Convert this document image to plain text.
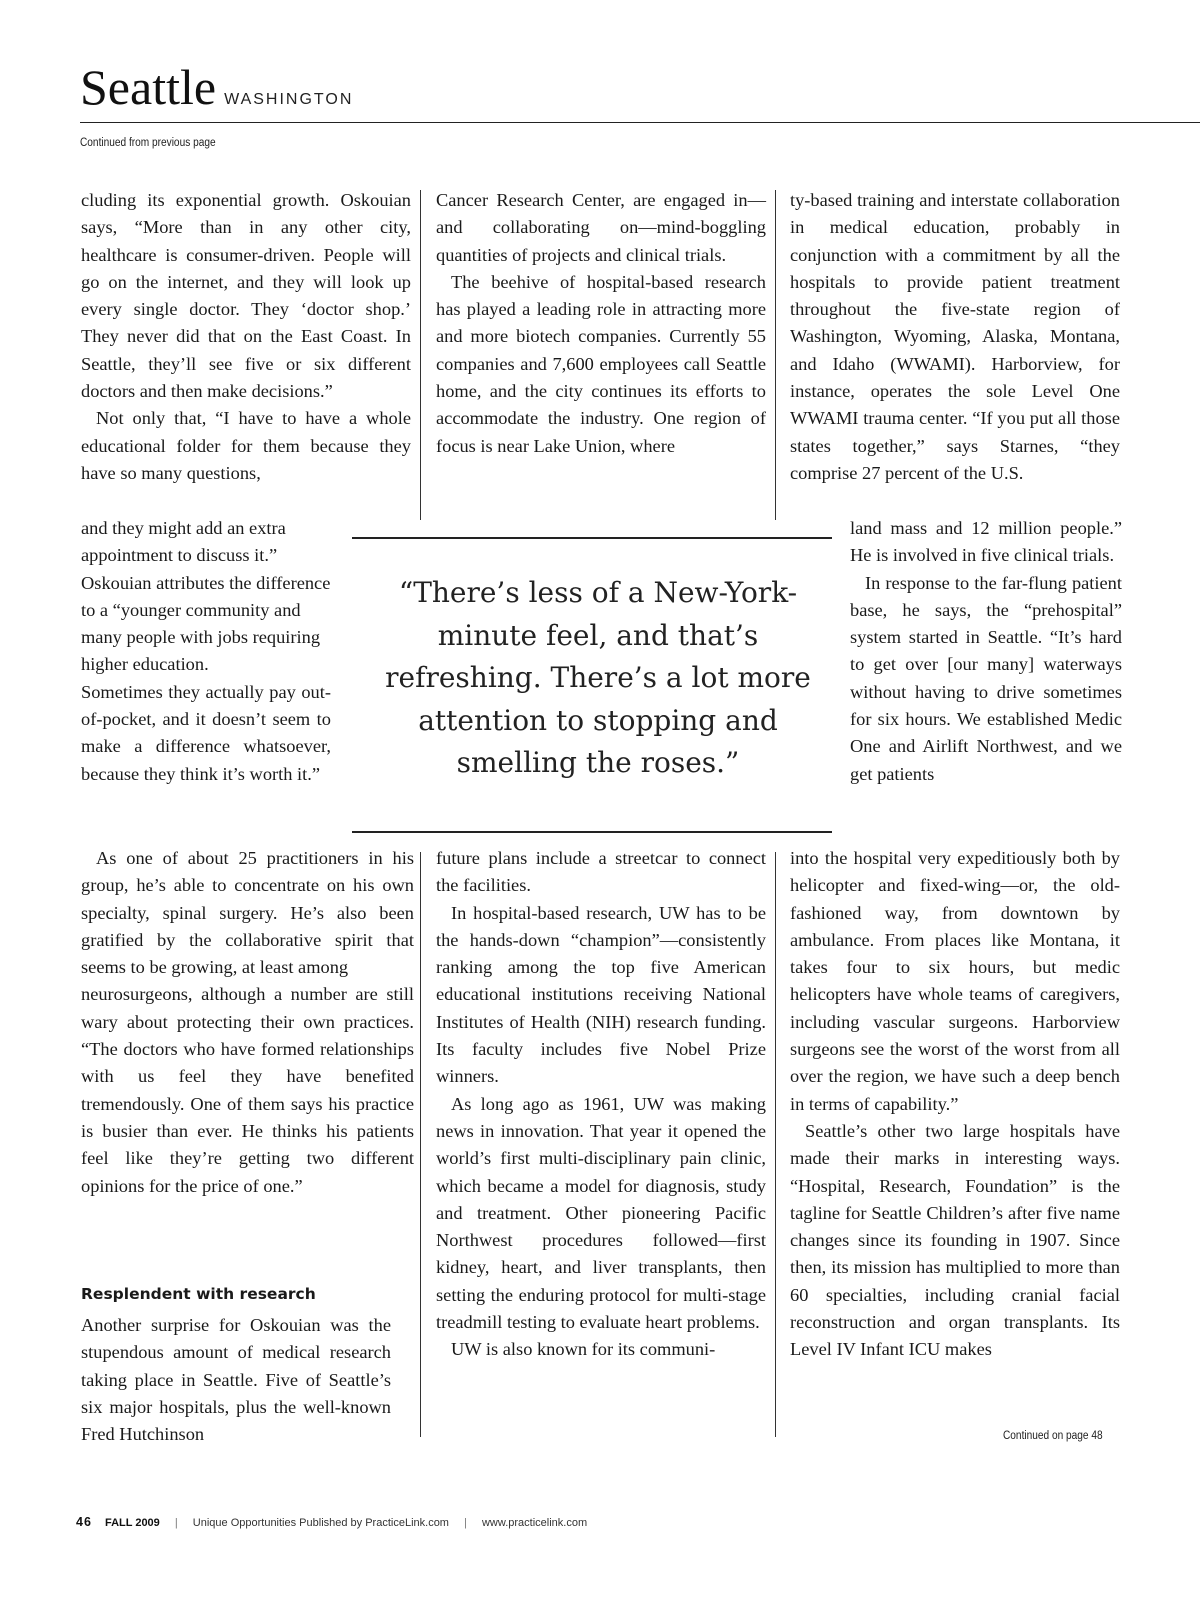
Seattle WASHINGTON
Continued from previous page

cluding its exponential growth. Oskouian says, “More than in any other city, healthcare is consumer-driven. People will go on the internet, and they will look up every single doctor. They ‘doctor shop.’ They never did that on the East Coast. In Seattle, they’ll see five or six different doctors and then make decisions.”

Not only that, “I have to have a whole educational folder for them because they have so many questions,

and they might add an extra appointment to discuss it.” Oskouian attributes the difference to a “younger community and many people with jobs requiring higher education.

Sometimes they actually pay out-of-pocket, and it doesn’t seem to make a difference whatsoever, because they think it’s worth it.”

As one of about 25 practitioners in his group, he’s able to concentrate on his own specialty, spinal surgery. He’s also been gratified by the collaborative spirit that seems to be growing, at least among

neurosurgeons, although a number are still wary about protecting their own practices. “The doctors who have formed relationships with us feel they have benefited tremendously. One of them says his practice is busier than ever. He thinks his patients feel like they’re getting two different opinions for the price of one.”

Resplendent with research

Another surprise for Oskouian was the stupendous amount of medical research taking place in Seattle. Five of Seattle’s six major hospitals, plus the well-known Fred Hutchinson

Cancer Research Center, are engaged in—and collaborating on—mind-boggling quantities of projects and clinical trials.

The beehive of hospital-based research has played a leading role in attracting more and more biotech companies. Currently 55 companies and 7,600 employees call Seattle home, and the city continues its efforts to accommodate the industry. One region of focus is near Lake Union, where

future plans include a streetcar to connect the facilities.

In hospital-based research, UW has to be the hands-down “champion”—consistently ranking among the top five American educational institutions receiving National Institutes of Health (NIH) research funding. Its faculty includes five Nobel Prize winners.

As long ago as 1961, UW was making news in innovation. That year it opened the world’s first multi-disciplinary pain clinic, which became a model for diagnosis, study and treatment. Other pioneering Pacific Northwest procedures followed—first kidney, heart, and liver transplants, then setting the enduring protocol for multi-stage treadmill testing to evaluate heart problems.

UW is also known for its communi-

ty-based training and interstate collaboration in medical education, probably in conjunction with a commitment by all the hospitals to provide patient treatment throughout the five-state region of Washington, Wyoming, Alaska, Montana, and Idaho (WWAMI). Harborview, for instance, operates the sole Level One WWAMI trauma center. “If you put all those states together,” says Starnes, “they comprise 27 percent of the U.S.

land mass and 12 million people.” He is involved in five clinical trials.

In response to the far-flung patient base, he says, the “prehospital” system started in Seattle. “It’s hard to get over [our many] waterways without having to drive sometimes for six hours. We established Medic One and Airlift Northwest, and we get patients

into the hospital very expeditiously both by helicopter and fixed-wing—or, the old-fashioned way, from downtown by ambulance. From places like Montana, it takes four to six hours, but medic helicopters have whole teams of caregivers, including vascular surgeons. Harborview surgeons see the worst of the worst from all over the region, we have such a deep bench in terms of capability.”

Seattle’s other two large hospitals have made their marks in interesting ways. “Hospital, Research, Foundation” is the tagline for Seattle Children’s after five name changes since its founding in 1907. Since then, its mission has multiplied to more than 60 specialties, including cranial facial reconstruction and organ transplants. Its Level IV Infant ICU makes

Continued on page 48
“There’s less of a New-York-minute feel, and that’s refreshing. There’s a lot more attention to stopping and smelling the roses.”
46 FALL 2009 | Unique Opportunities Published by PracticeLink.com | www.practicelink.com
